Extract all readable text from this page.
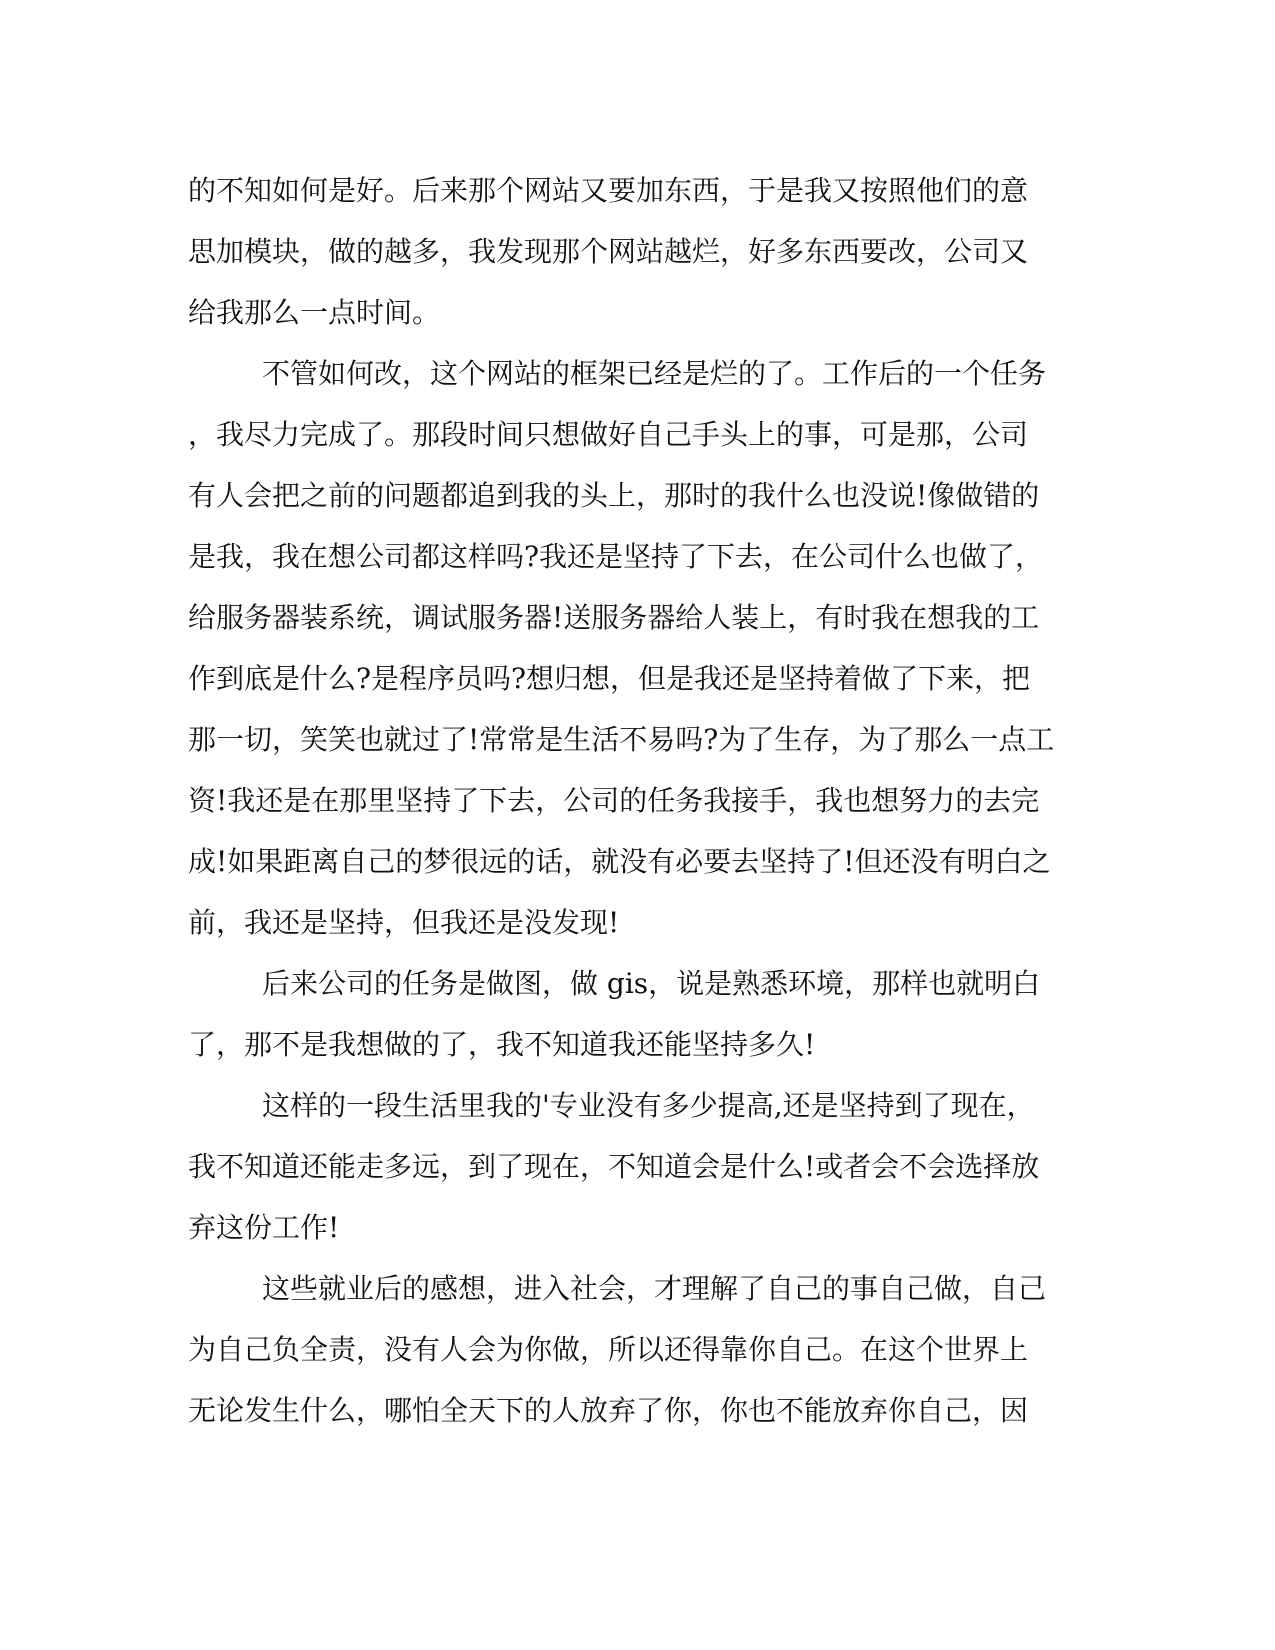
的不知如何是好。后来那个网站又要加东西，于是我又按照他们的意
思加模块，做的越多，我发现那个网站越烂，好多东西要改，公司又
给我那么一点时间。
不管如何改，这个网站的框架已经是烂的了。工作后的一个任务
，我尽力完成了。那段时间只想做好自己手头上的事，可是那，公司
有人会把之前的问题都追到我的头上，那时的我什么也没说!像做错的
是我，我在想公司都这样吗?我还是坚持了下去，在公司什么也做了，
给服务器装系统，调试服务器!送服务器给人装上，有时我在想我的工
作到底是什么?是程序员吗?想归想，但是我还是坚持着做了下来，把
那一切，笑笑也就过了!常常是生活不易吗?为了生存，为了那么一点工
资!我还是在那里坚持了下去，公司的任务我接手，我也想努力的去完
成!如果距离自己的梦很远的话，就没有必要去坚持了!但还没有明白之
前，我还是坚持，但我还是没发现!
后来公司的任务是做图，做 gis，说是熟悉环境，那样也就明白
了，那不是我想做的了，我不知道我还能坚持多久!
这样的一段生活里我的'专业没有多少提高,还是坚持到了现在，
我不知道还能走多远，到了现在，不知道会是什么!或者会不会选择放
弃这份工作!
这些就业后的感想，进入社会，才理解了自己的事自己做，自己
为自己负全责，没有人会为你做，所以还得靠你自己。在这个世界上
无论发生什么，哪怕全天下的人放弃了你，你也不能放弃你自己，因
